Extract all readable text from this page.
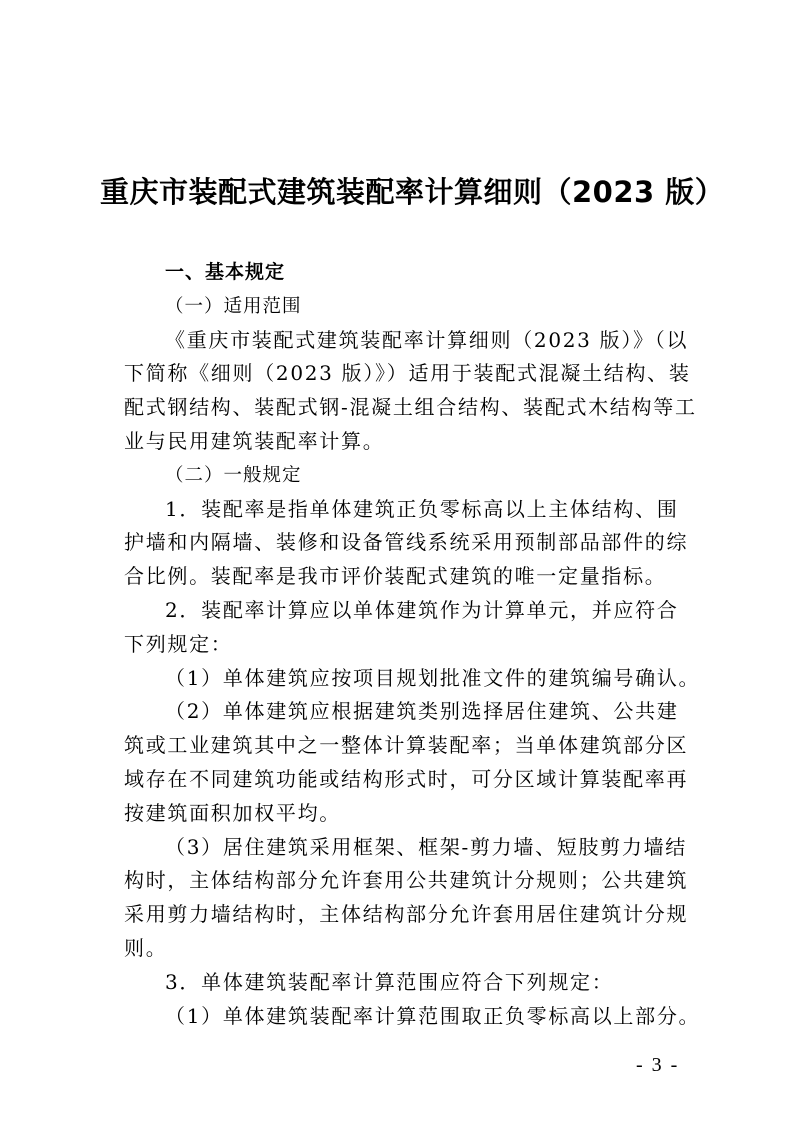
重庆市装配式建筑装配率计算细则（2023 版）
一、基本规定
（一）适用范围
《重庆市装配式建筑装配率计算细则（2023 版）》（以
下简称《细则（2023 版）》）适用于装配式混凝土结构、装
配式钢结构、装配式钢-混凝土组合结构、装配式木结构等工
业与民用建筑装配率计算。
（二）一般规定
1．装配率是指单体建筑正负零标高以上主体结构、围
护墙和内隔墙、装修和设备管线系统采用预制部品部件的综
合比例。装配率是我市评价装配式建筑的唯一定量指标。
2．装配率计算应以单体建筑作为计算单元，并应符合
下列规定：
（1）单体建筑应按项目规划批准文件的建筑编号确认。
（2）单体建筑应根据建筑类别选择居住建筑、公共建
筑或工业建筑其中之一整体计算装配率；当单体建筑部分区
域存在不同建筑功能或结构形式时，可分区域计算装配率再
按建筑面积加权平均。
（3）居住建筑采用框架、框架-剪力墙、短肢剪力墙结
构时，主体结构部分允许套用公共建筑计分规则；公共建筑
采用剪力墙结构时，主体结构部分允许套用居住建筑计分规
则。
3．单体建筑装配率计算范围应符合下列规定：
（1）单体建筑装配率计算范围取正负零标高以上部分。
- 3 -
